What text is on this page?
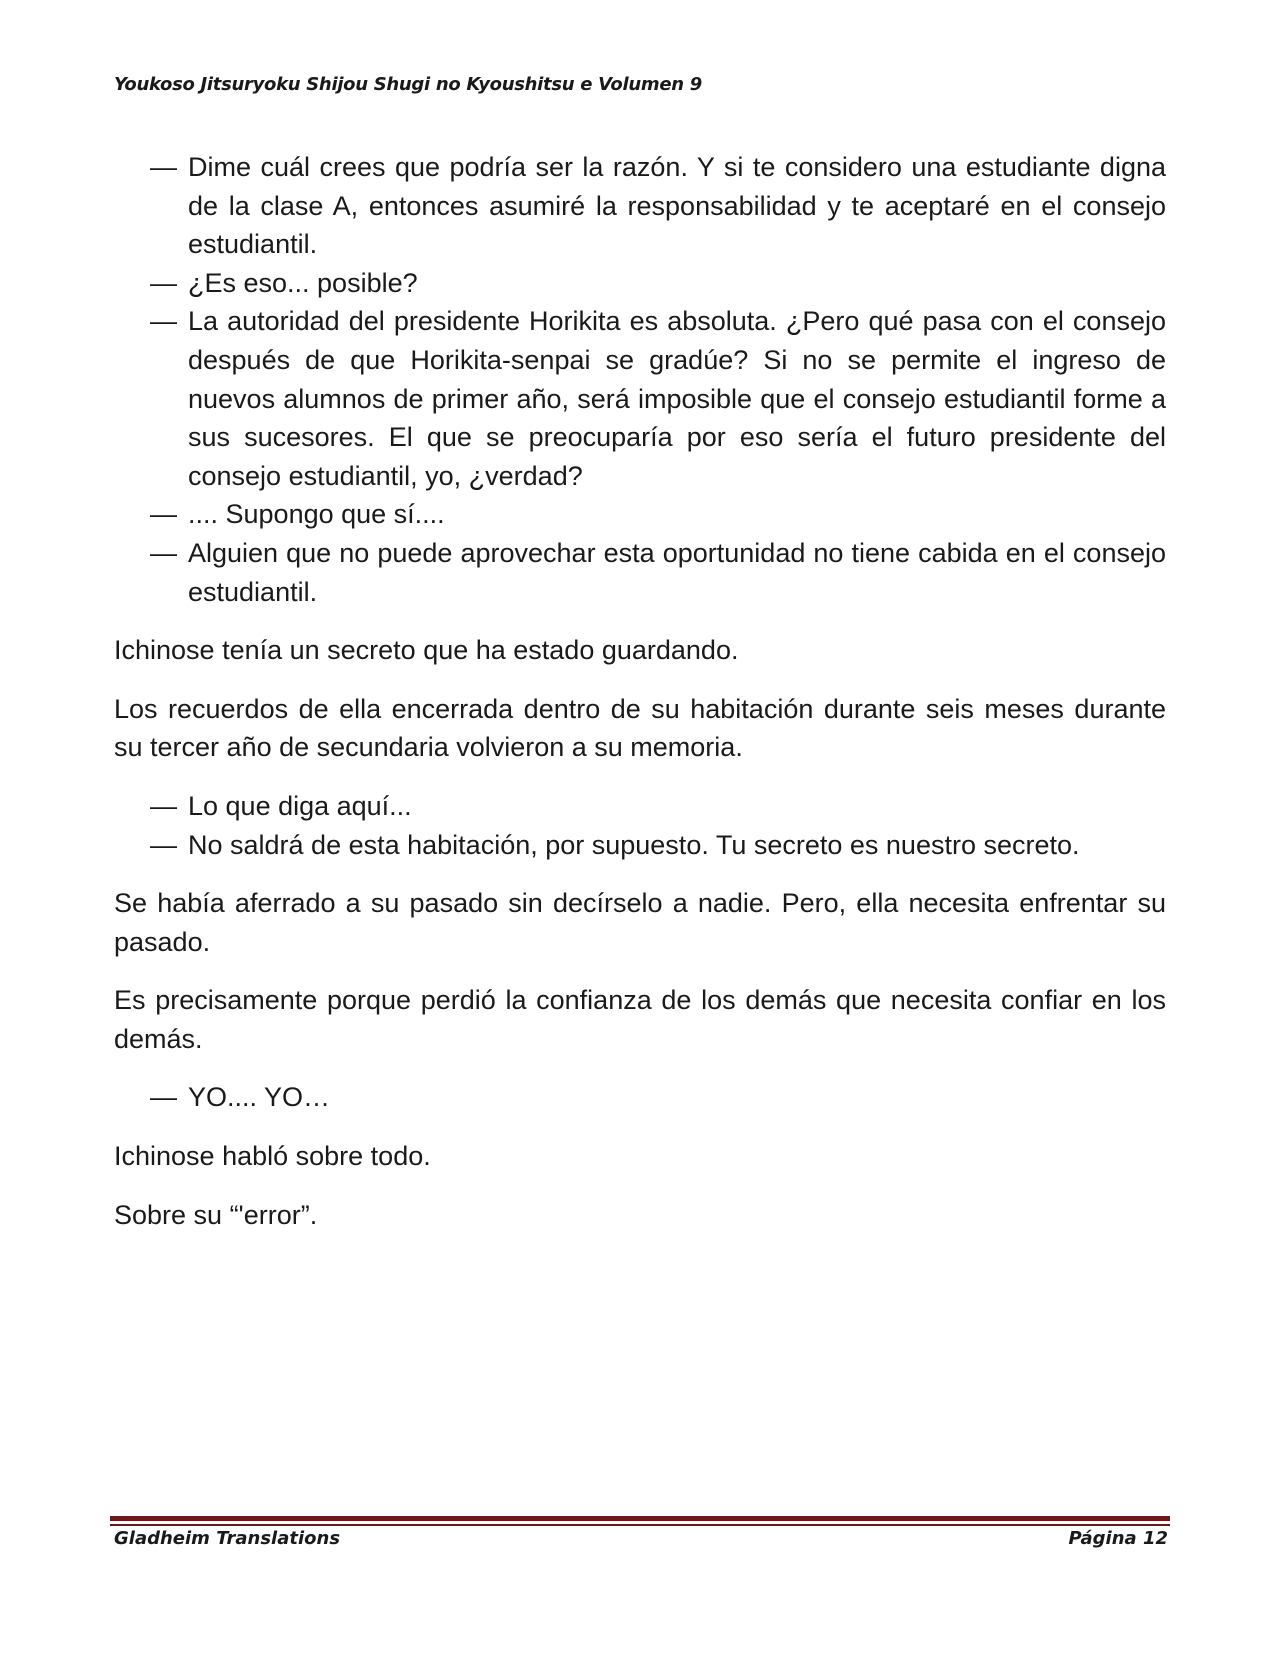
Youkoso Jitsuryoku Shijou Shugi no Kyoushitsu e Volumen 9
— Dime cuál crees que podría ser la razón. Y si te considero una estudiante digna de la clase A, entonces asumiré la responsabilidad y te aceptaré en el consejo estudiantil.

— ¿Es eso... posible?

— La autoridad del presidente Horikita es absoluta. ¿Pero qué pasa con el consejo después de que Horikita-senpai se gradúe? Si no se permite el ingreso de nuevos alumnos de primer año, será imposible que el consejo estudiantil forme a sus sucesores. El que se preocuparía por eso sería el futuro presidente del consejo estudiantil, yo, ¿verdad?

— .... Supongo que sí....

— Alguien que no puede aprovechar esta oportunidad no tiene cabida en el consejo estudiantil.

Ichinose tenía un secreto que ha estado guardando.

Los recuerdos de ella encerrada dentro de su habitación durante seis meses durante su tercer año de secundaria volvieron a su memoria.

— Lo que diga aquí...

— No saldrá de esta habitación, por supuesto. Tu secreto es nuestro secreto.

Se había aferrado a su pasado sin decírselo a nadie. Pero, ella necesita enfrentar su pasado.

Es precisamente porque perdió la confianza de los demás que necesita confiar en los demás.

— YO.... YO…

Ichinose habló sobre todo.

Sobre su “'error”.

Gladheim Translations	Página 12
